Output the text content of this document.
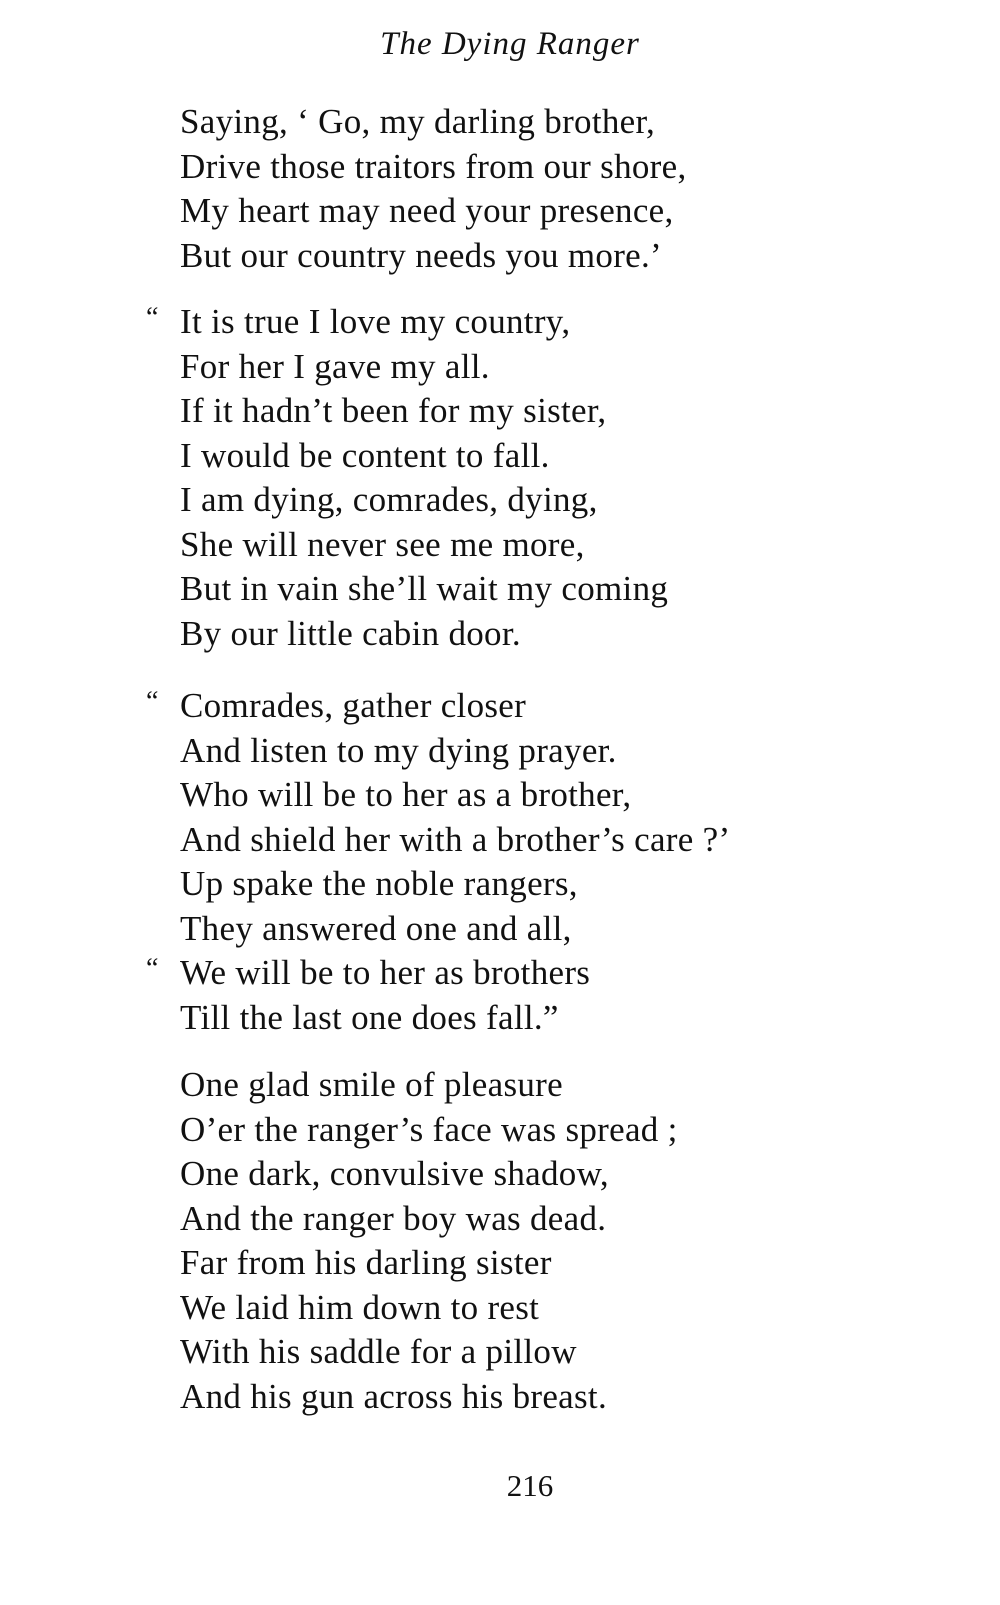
The Dying Ranger
Saying, ‘ Go, my darling brother,
Drive those traitors from our shore,
My heart may need your presence,
But our country needs you more.’
“ It is true I love my country,
For her I gave my all.
If it hadn’t been for my sister,
I would be content to fall.
I am dying, comrades, dying,
She will never see me more,
But in vain she’ll wait my coming
By our little cabin door.
“ Comrades, gather closer
And listen to my dying prayer.
Who will be to her as a brother,
And shield her with a brother’s care ?’
Up spake the noble rangers,
They answered one and all,
“ We will be to her as brothers
Till the last one does fall.”
One glad smile of pleasure
O’er the ranger’s face was spread ;
One dark, convulsive shadow,
And the ranger boy was dead.
Far from his darling sister
We laid him down to rest
With his saddle for a pillow
And his gun across his breast.
216
